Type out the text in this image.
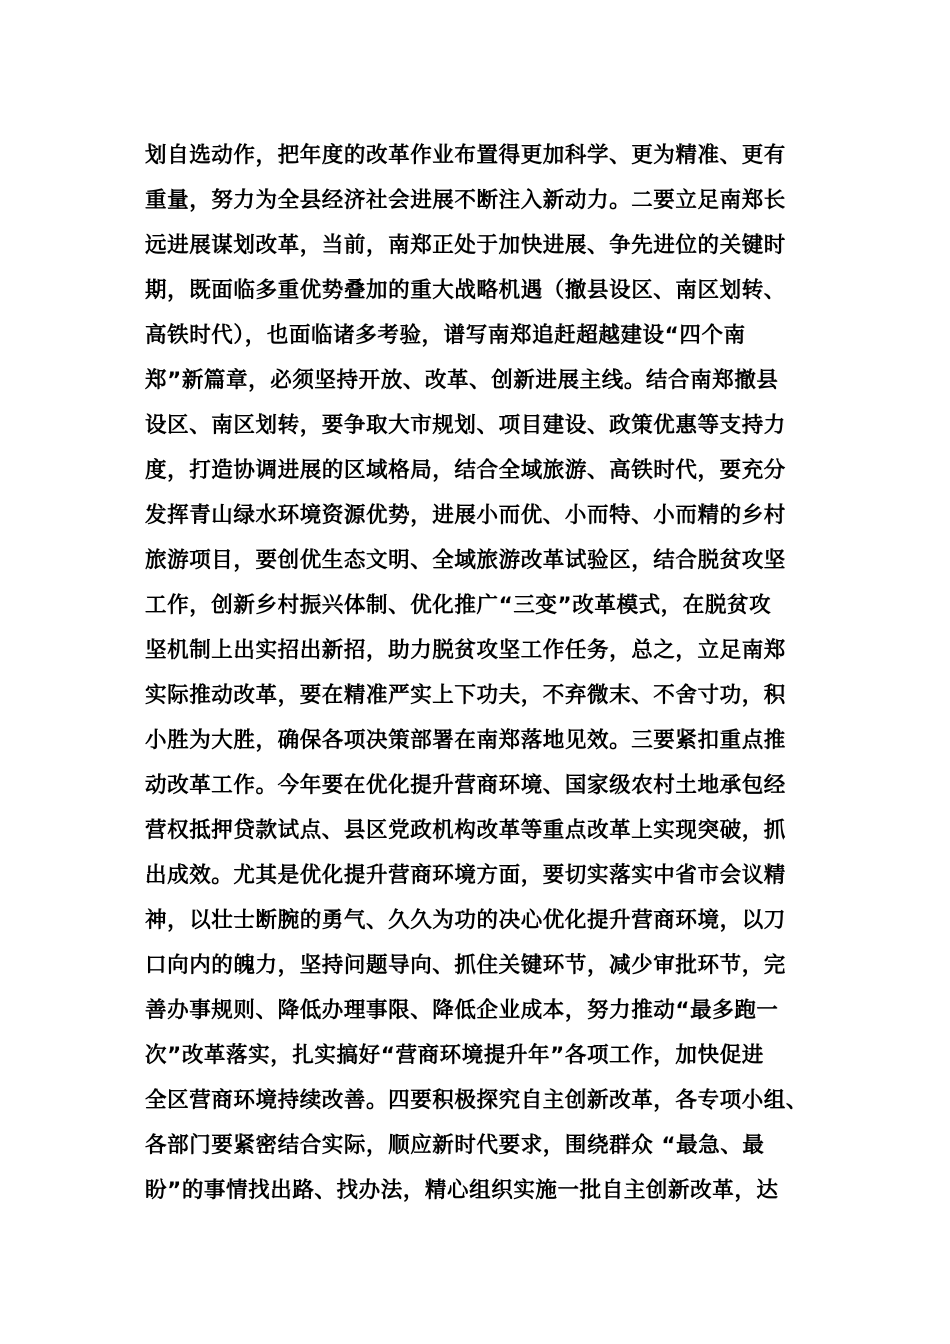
划自选动作，把年度的改革作业布置得更加科学、更为精准、更有
重量，努力为全县经济社会进展不断注入新动力。二要立足南郑长
远进展谋划改革，当前，南郑正处于加快进展、争先进位的关键时
期，既面临多重优势叠加的重大战略机遇（撤县设区、南区划转、
高铁时代），也面临诸多考验，谱写南郑追赶超越建设“四个南
郑”新篇章，必须坚持开放、改革、创新进展主线。结合南郑撤县
设区、南区划转，要争取大市规划、项目建设、政策优惠等支持力
度，打造协调进展的区域格局，结合全域旅游、高铁时代，要充分
发挥青山绿水环境资源优势，进展小而优、小而特、小而精的乡村
旅游项目，要创优生态文明、全域旅游改革试验区，结合脱贫攻坚
工作，创新乡村振兴体制、优化推广“三变”改革模式，在脱贫攻
坚机制上出实招出新招，助力脱贫攻坚工作任务，总之，立足南郑
实际推动改革，要在精准严实上下功夫，不弃微末、不舍寸功，积
小胜为大胜，确保各项决策部署在南郑落地见效。三要紧扣重点推
动改革工作。今年要在优化提升营商环境、国家级农村土地承包经
营权抵押贷款试点、县区党政机构改革等重点改革上实现突破，抓
出成效。尤其是优化提升营商环境方面，要切实落实中省市会议精
神，以壮士断腕的勇气、久久为功的决心优化提升营商环境，以刀
口向内的魄力，坚持问题导向、抓住关键环节，减少审批环节，完
善办事规则、降低办理事限、降低企业成本，努力推动“最多跑一
次”改革落实，扎实搞好“营商环境提升年”各项工作，加快促进
全区营商环境持续改善。四要积极探究自主创新改革，各专项小组、
各部门要紧密结合实际，顺应新时代要求，围绕群众 “最急、最
盼”的事情找出路、找办法，精心组织实施一批自主创新改革，达
